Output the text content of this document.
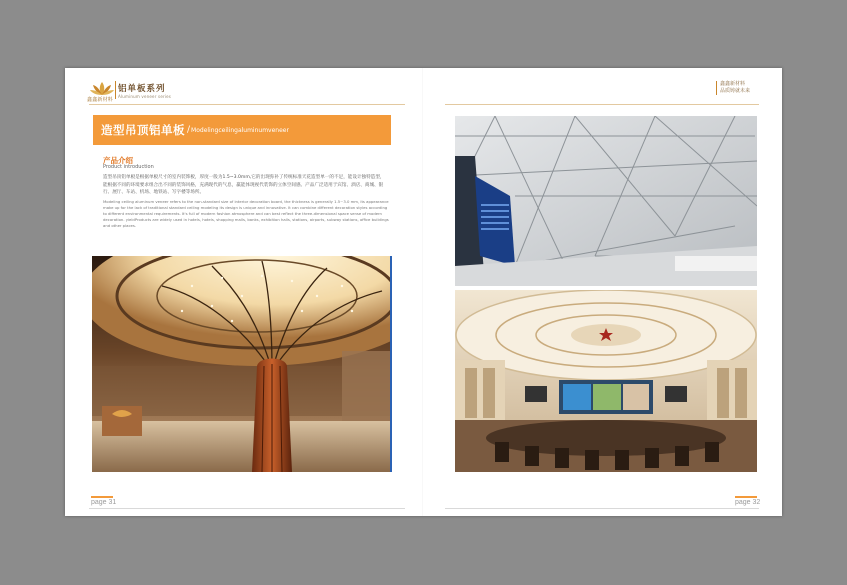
鑫鑫新材料
铝单板系列
Aluminum veneer series
鑫鑫新材料
品质铸就未来
造型吊顶铝单板 / Modelingceilingaluminumveneer
产品介绍
Product introduction
造型吊顶铝单板是根据单板尺寸的室内装饰板，厚度一般为1.5~3.0mm,它的出现弥补了传统标准天花造型单一的不足，能设计独特造型，能根据不同的环境要求组合出不同的装饰风格，充满现代的气息，赢能体现视代装饰的立体空间感。产品广泛适用于宾馆、酒店、商城、银行、展厅、车站、机场、地铁站、写字楼等场所。
Modeling ceiling aluminum veneer refers to the non-standard size of interior decoration board, the thickness is generally 1.5~3.0 mm, its appearance make up for the lack of traditional standard ceiling modeling its design is unique and innovative. It can combine different decoration styles according to different environmental requirements. It's full of modern fashion atmosphere and can best reflect the three-dimensional space sense of modern decoration. yieldProducts are widely used in hotels, hotels, shopping malls, banks, exhibition halls, stations, airports, subway stations, office buildings and other places.
page 31	page 32
